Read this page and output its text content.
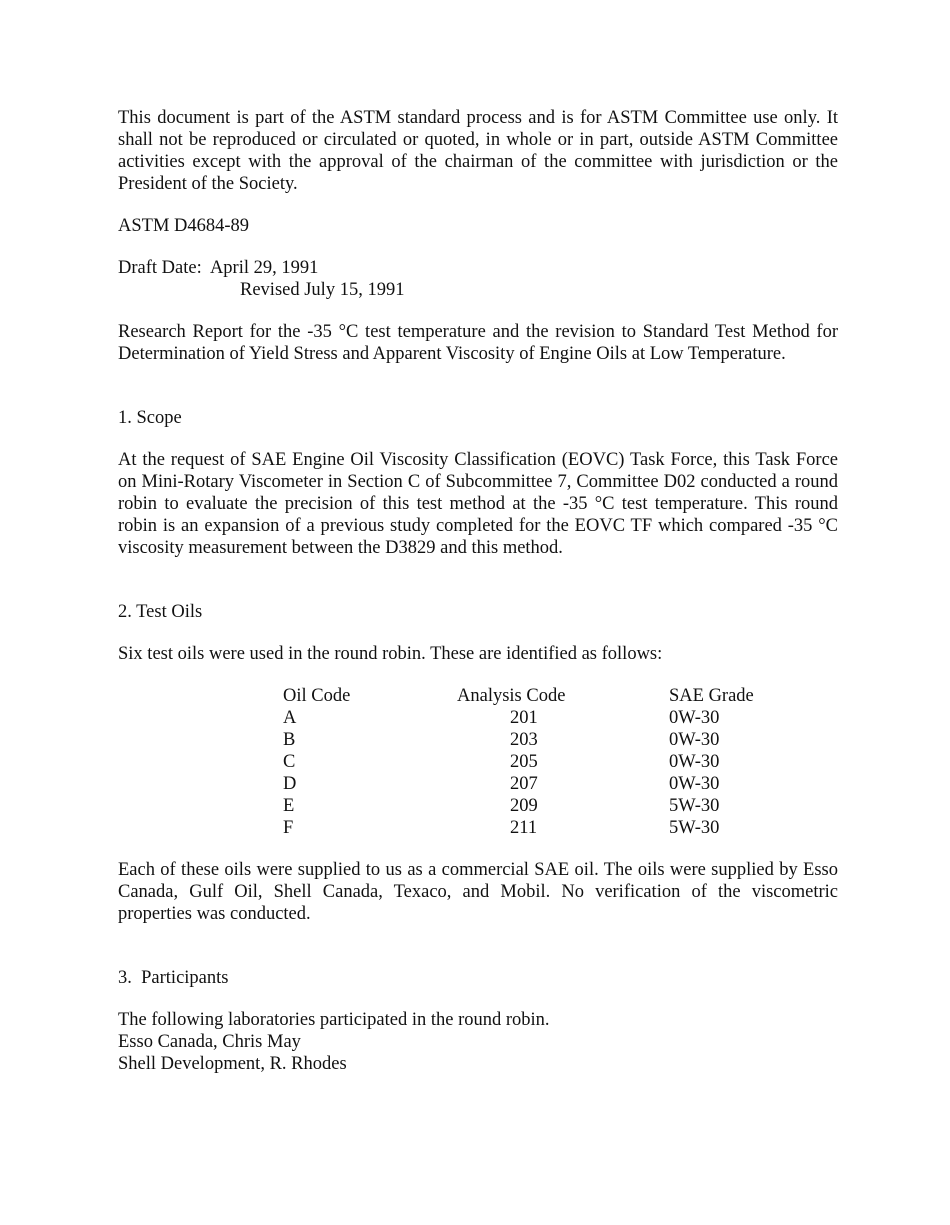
This document is part of the ASTM standard process and is for ASTM Committee use only. It shall not be reproduced or circulated or quoted, in whole or in part, outside ASTM Committee activities except with the approval of the chairman of the committee with jurisdiction or the President of the Society.

ASTM D4684-89

Draft Date:  April 29, 1991

Revised July 15, 1991

Research Report for the -35 °C test temperature and the revision to Standard Test Method for Determination of Yield Stress and Apparent Viscosity of Engine Oils at Low Temperature.

1. Scope

At the request of SAE Engine Oil Viscosity Classification (EOVC) Task Force, this Task Force on Mini-Rotary Viscometer in Section C of Subcommittee 7, Committee D02 conducted a round robin to evaluate the precision of this test method at the -35 °C test temperature. This round robin is an expansion of a previous study completed for the EOVC TF which compared -35 °C viscosity measurement between the D3829 and this method.

2. Test Oils

Six test oils were used in the round robin. These are identified as follows:

Oil Code	Analysis Code	SAE Grade
A	201	0W-30
B	203	0W-30
C	205	0W-30
D	207	0W-30
E	209	5W-30
F	211	5W-30

Each of these oils were supplied to us as a commercial SAE oil. The oils were supplied by Esso Canada, Gulf Oil, Shell Canada, Texaco, and Mobil. No verification of the viscometric properties was conducted.

3.  Participants

The following laboratories participated in the round robin.
Esso Canada, Chris May
Shell Development, R. Rhodes
